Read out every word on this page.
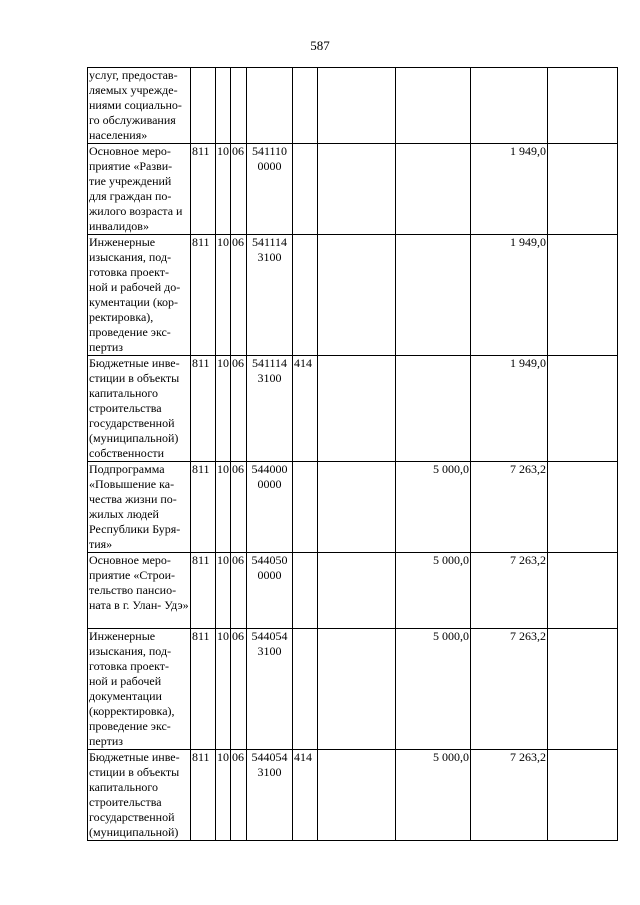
587
услуг, предостав- ляемых учрежде- ниями социально- го обслуживания населения»									
Основное меро- приятие «Разви- тие учреждений для граждан по- жилого возраста и инвалидов»	811	10	06	541110 0000				1 949,0	
Инженерные изыскания, под- готовка проект- ной и рабочей до- кументации (кор- ректировка), проведение экс- пертиз	811	10	06	541114 3100				1 949,0	
Бюджетные инве- стиции в объекты капитального строительства государственной (муниципальной) собственности	811	10	06	541114 3100	414			1 949,0	
Подпрограмма «Повышение ка- чества жизни по- жилых людей Республики Буря- тия»	811	10	06	544000 0000			5 000,0	7 263,2	
Основное меро- приятие «Строи- тельство пансио- ната в г. Улан- Удэ»	811	10	06	544050 0000			5 000,0	7 263,2	
Инженерные изыскания, под- готовка проект- ной и рабочей документации (корректировка), проведение экс- пертиз	811	10	06	544054 3100			5 000,0	7 263,2	
Бюджетные инве- стиции в объекты капитального строительства государственной (муниципальной)	811	10	06	544054 3100	414		5 000,0	7 263,2	
